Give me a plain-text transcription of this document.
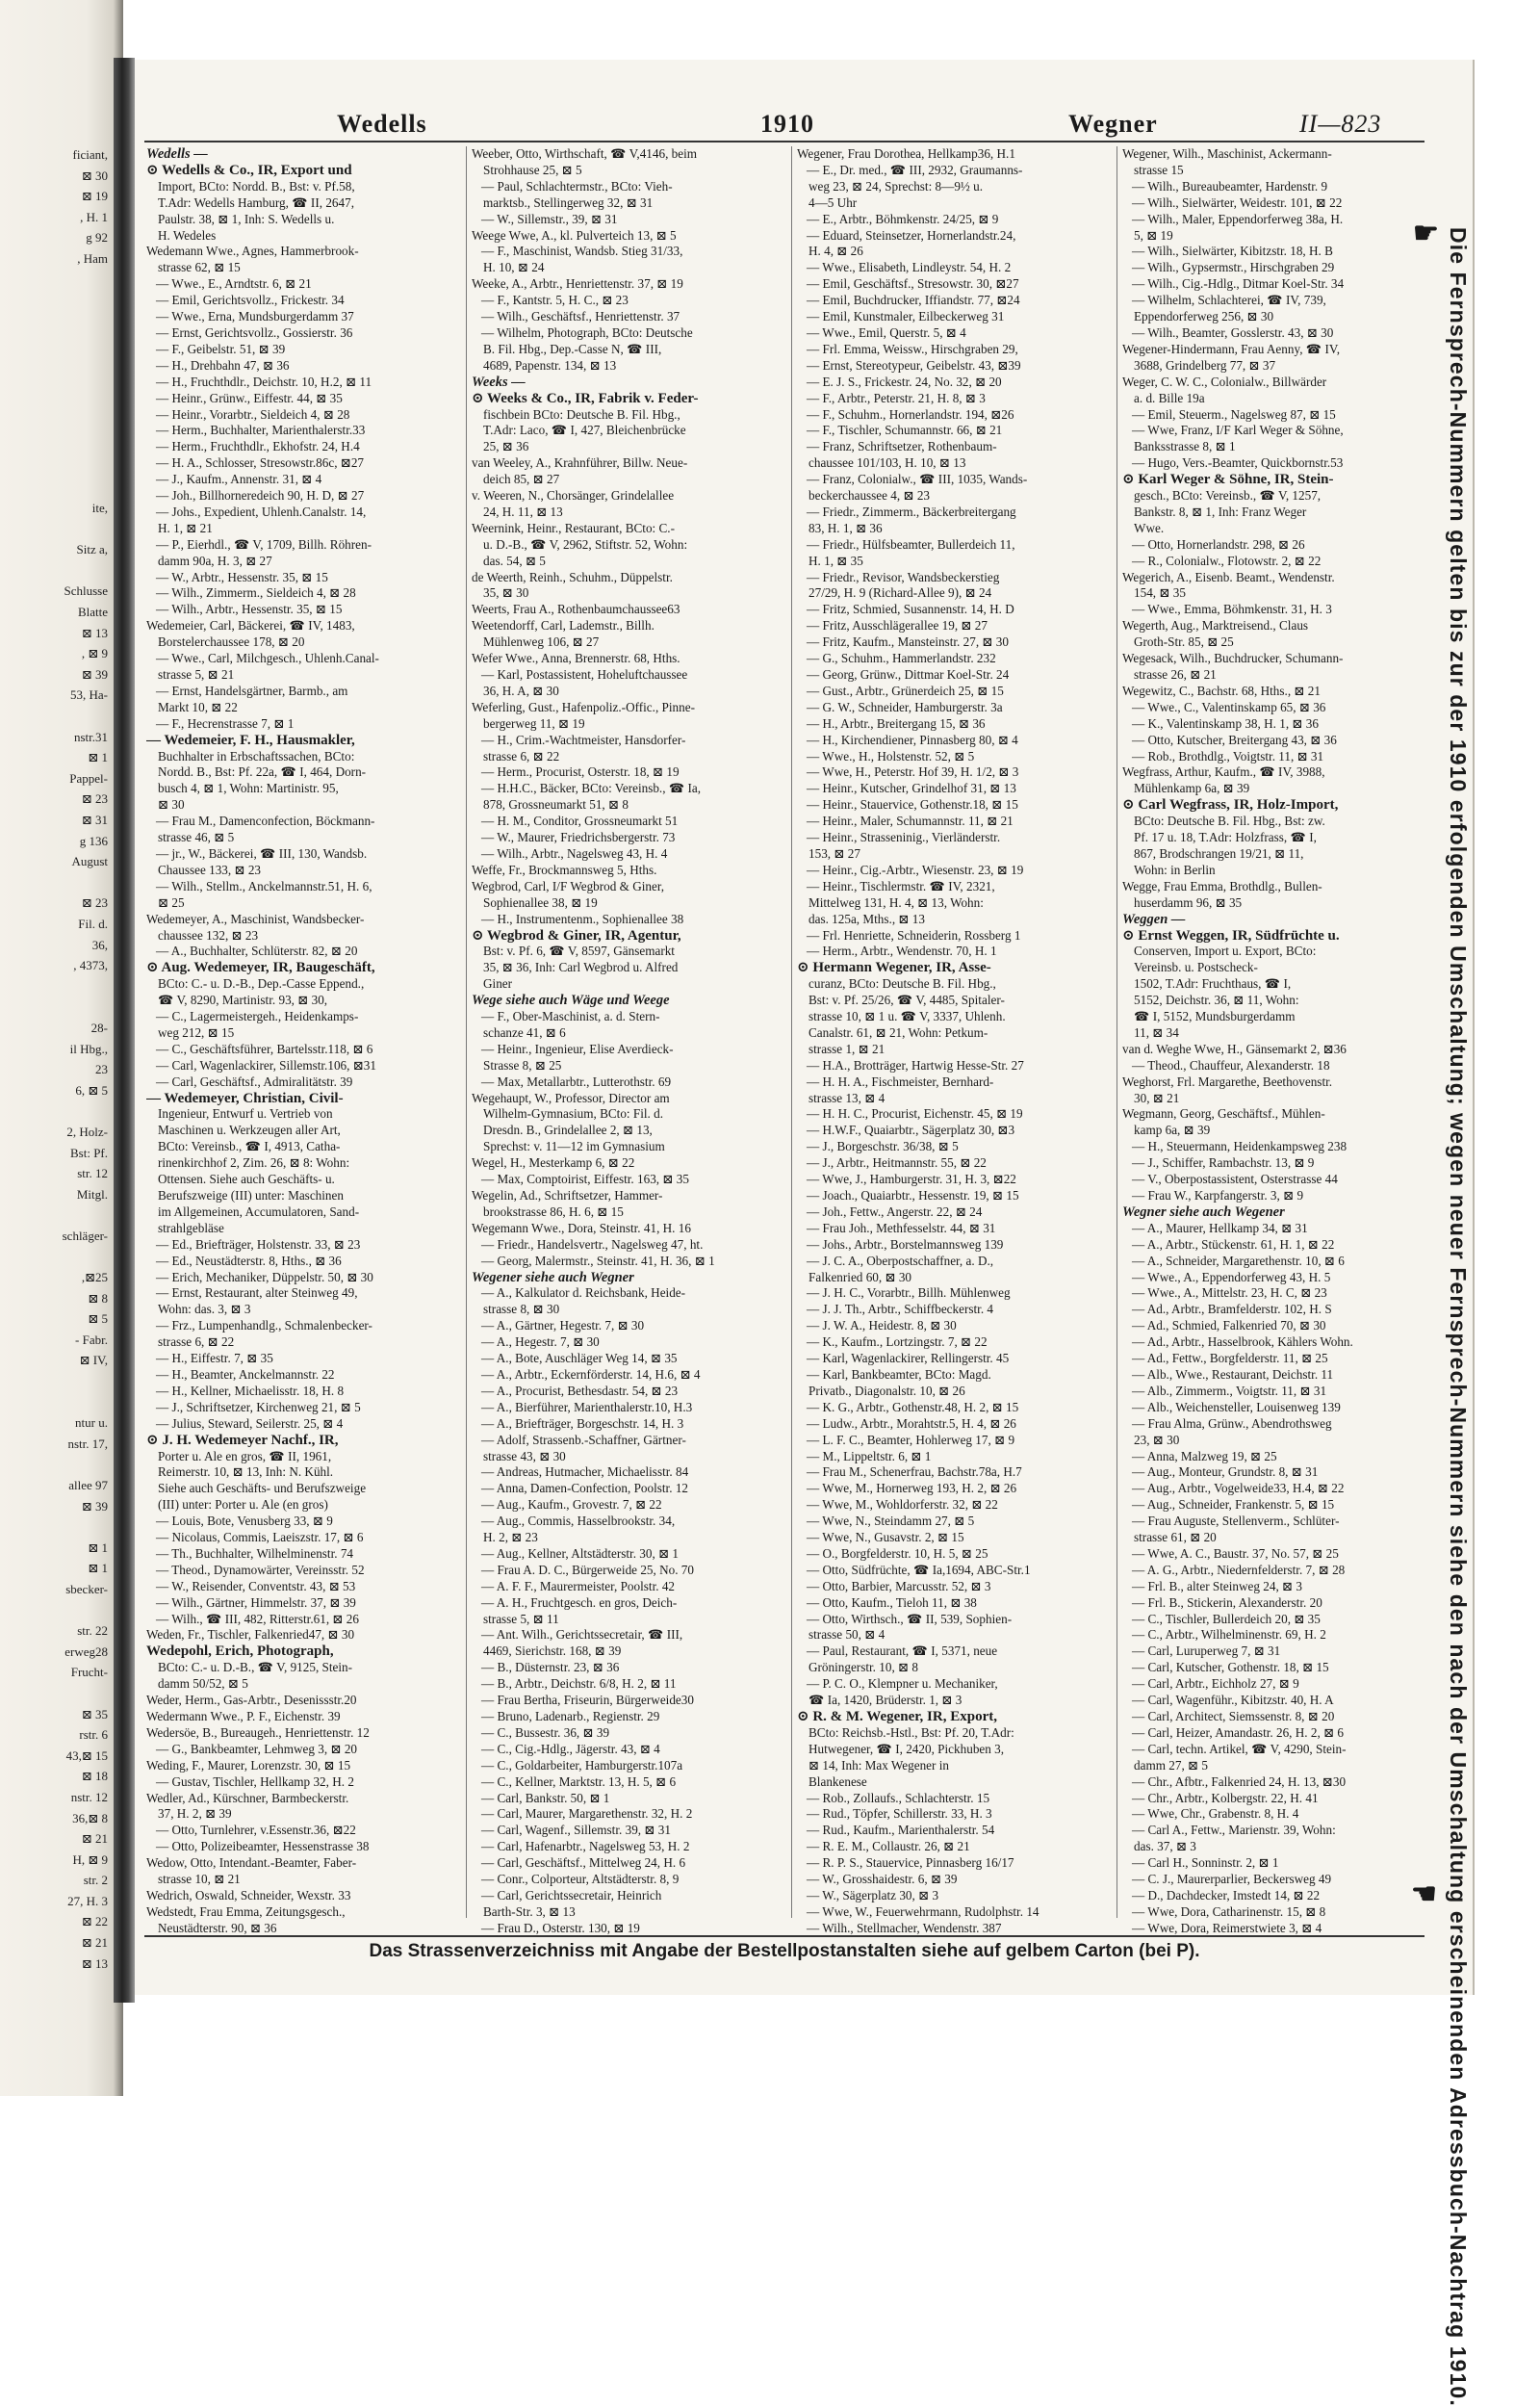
ficiant,
⊠ 30
⊠ 19
, H. 1
g 92
, Ham

ite,

Sitz a,

Schlusse
Blatte
⊠ 13
, ⊠ 9
⊠ 39
53, Ha-

nstr.31
⊠ 1
Pappel-
⊠ 23
⊠ 31
g 136
August

⊠ 23
Fil. d.
36,
, 4373,

28-
il Hbg.,
23
6, ⊠ 5

2, Holz-
Bst: Pf.
str. 12
Mitgl.

schläger-

,⊠25
⊠ 8
⊠ 5
- Fabr.
⊠ IV,

ntur u.
nstr. 17,

allee 97
⊠ 39

⊠ 1
⊠ 1
sbecker-

str. 22
erweg28
Frucht-

⊠ 35
rstr. 6
43,⊠ 15
⊠ 18
nstr. 12
36,⊠ 8
⊠ 21
H, ⊠ 9
str. 2
27, H. 3
⊠ 22
⊠ 21
⊠ 13
Wedells	1910	Wegner	II—823
Wedells —
⊙ Wedells & Co., IR, Export und
Import, BCto: Nordd. B., Bst: v. Pf.58,
T.Adr: Wedells Hamburg, ☎ II, 2647,
Paulstr. 38, ⊠ 1, Inh: S. Wedells u.
H. Wedeles
Wedemann Wwe., Agnes, Hammerbrook-
strasse 62, ⊠ 15
— Wwe., E., Arndtstr. 6, ⊠ 21
— Emil, Gerichtsvollz., Frickestr. 34
— Wwe., Erna, Mundsburgerdamm 37
— Ernst, Gerichtsvollz., Gossierstr. 36
— F., Geibelstr. 51, ⊠ 39
— H., Drehbahn 47, ⊠ 36
— H., Fruchthdlr., Deichstr. 10, H.2, ⊠ 11
— Heinr., Grünw., Eiffestr. 44, ⊠ 35
— Heinr., Vorarbtr., Sieldeich 4, ⊠ 28
— Herm., Buchhalter, Marienthalerstr.33
— Herm., Fruchthdlr., Ekhofstr. 24, H.4
— H. A., Schlosser, Stresowstr.86c, ⊠27
— J., Kaufm., Annenstr. 31, ⊠ 4
— Joh., Billhorneredeich 90, H. D, ⊠ 27
— Johs., Expedient, Uhlenh.Canalstr. 14,
H. 1, ⊠ 21
— P., Eierhdl., ☎ V, 1709, Billh. Röhren-
damm 90a, H. 3, ⊠ 27
— W., Arbtr., Hessenstr. 35, ⊠ 15
— Wilh., Zimmerm., Sieldeich 4, ⊠ 28
— Wilh., Arbtr., Hessenstr. 35, ⊠ 15
Wedemeier, Carl, Bäckerei, ☎ IV, 1483,
Borstelerchaussee 178, ⊠ 20
— Wwe., Carl, Milchgesch., Uhlenh.Canal-
strasse 5, ⊠ 21
— Ernst, Handelsgärtner, Barmb., am
Markt 10, ⊠ 22
— F., Hecrenstrasse 7, ⊠ 1
— Wedemeier, F. H., Hausmakler,
Buchhalter in Erbschaftssachen, BCto:
Nordd. B., Bst: Pf. 22a, ☎ I, 464, Dorn-
busch 4, ⊠ 1, Wohn: Martinistr. 95,
⊠ 30
— Frau M., Damenconfection, Böckmann-
strasse 46, ⊠ 5
— jr., W., Bäckerei, ☎ III, 130, Wandsb.
Chaussee 133, ⊠ 23
— Wilh., Stellm., Anckelmannstr.51, H. 6,
⊠ 25
Wedemeyer, A., Maschinist, Wandsbecker-
chaussee 132, ⊠ 23
— A., Buchhalter, Schlüterstr. 82, ⊠ 20
⊙ Aug. Wedemeyer, IR, Baugeschäft,
BCto: C.- u. D.-B., Dep.-Casse Eppend.,
☎ V, 8290, Martinistr. 93, ⊠ 30,
— C., Lagermeistergeh., Heidenkamps-
weg 212, ⊠ 15
— C., Geschäftsführer, Bartelsstr.118, ⊠ 6
— Carl, Wagenlackirer, Sillemstr.106, ⊠31
— Carl, Geschäftsf., Admiralitätstr. 39
— Wedemeyer, Christian, Civil-
Ingenieur, Entwurf u. Vertrieb von
Maschinen u. Werkzeugen aller Art,
BCto: Vereinsb., ☎ I, 4913, Catha-
rinenkirchhof 2, Zim. 26, ⊠ 8: Wohn:
Ottensen. Siehe auch Geschäfts- u.
Berufszweige (III) unter: Maschinen
im Allgemeinen, Accumulatoren, Sand-
strahlgebläse
— Ed., Briefträger, Holstenstr. 33, ⊠ 23
— Ed., Neustädterstr. 8, Hths., ⊠ 36
— Erich, Mechaniker, Düppelstr. 50, ⊠ 30
— Ernst, Restaurant, alter Steinweg 49,
Wohn: das. 3, ⊠ 3
— Frz., Lumpenhandlg., Schmalenbecker-
strasse 6, ⊠ 22
— H., Eiffestr. 7, ⊠ 35
— H., Beamter, Anckelmannstr. 22
— H., Kellner, Michaelisstr. 18, H. 8
— J., Schriftsetzer, Kirchenweg 21, ⊠ 5
— Julius, Steward, Seilerstr. 25, ⊠ 4
⊙ J. H. Wedemeyer Nachf., IR,
Porter u. Ale en gros, ☎ II, 1961,
Reimerstr. 10, ⊠ 13, Inh: N. Kühl.
Siehe auch Geschäfts- und Berufszweige
(III) unter: Porter u. Ale (en gros)
— Louis, Bote, Venusberg 33, ⊠ 9
— Nicolaus, Commis, Laeiszstr. 17, ⊠ 6
— Th., Buchhalter, Wilhelminenstr. 74
— Theod., Dynamowärter, Vereinsstr. 52
— W., Reisender, Conventstr. 43, ⊠ 53
— Wilh., Gärtner, Himmelstr. 37, ⊠ 39
— Wilh., ☎ III, 482, Ritterstr.61, ⊠ 26
Weden, Fr., Tischler, Falkenried47, ⊠ 30
Wedepohl, Erich, Photograph,
BCto: C.- u. D.-B., ☎ V, 9125, Stein-
damm 50/52, ⊠ 5
Weder, Herm., Gas-Arbtr., Desenissstr.20
Wedermann Wwe., P. F., Eichenstr. 39
Wedersöe, B., Bureaugeh., Henriettenstr. 12
— G., Bankbeamter, Lehmweg 3, ⊠ 20
Weding, F., Maurer, Lorenzstr. 30, ⊠ 15
— Gustav, Tischler, Hellkamp 32, H. 2
Wedler, Ad., Kürschner, Barmbeckerstr.
37, H. 2, ⊠ 39
— Otto, Turnlehrer, v.Essenstr.36, ⊠22
— Otto, Polizeibeamter, Hessenstrasse 38
Wedow, Otto, Intendant.-Beamter, Faber-
strasse 10, ⊠ 21
Wedrich, Oswald, Schneider, Wexstr. 33
Wedstedt, Frau Emma, Zeitungsgesch.,
Neustädterstr. 90, ⊠ 36
Weeber, Otto, Wirthschaft, ☎ V,4146, beim
Strohhause 25, ⊠ 5
— Paul, Schlachtermstr., BCto: Vieh-
marktsb., Stellingerweg 32, ⊠ 31
— W., Sillemstr., 39, ⊠ 31
Weege Wwe, A., kl. Pulverteich 13, ⊠ 5
— F., Maschinist, Wandsb. Stieg 31/33,
H. 10, ⊠ 24
Weeke, A., Arbtr., Henriettenstr. 37, ⊠ 19
— F., Kantstr. 5, H. C., ⊠ 23
— Wilh., Geschäftsf., Henriettenstr. 37
— Wilhelm, Photograph, BCto: Deutsche
B. Fil. Hbg., Dep.-Casse N, ☎ III,
4689, Papenstr. 134, ⊠ 13
Weeks —
⊙ Weeks & Co., IR, Fabrik v. Feder-
fischbein BCto: Deutsche B. Fil. Hbg.,
T.Adr: Laco, ☎ I, 427, Bleichenbrücke
25, ⊠ 36
van Weeley, A., Krahnführer, Billw. Neue-
deich 85, ⊠ 27
v. Weeren, N., Chorsänger, Grindelallee
24, H. 11, ⊠ 13
Weernink, Heinr., Restaurant, BCto: C.-
u. D.-B., ☎ V, 2962, Stiftstr. 52, Wohn:
das. 54, ⊠ 5
de Weerth, Reinh., Schuhm., Düppelstr.
35, ⊠ 30
Weerts, Frau A., Rothenbaumchaussee63
Weetendorff, Carl, Lademstr., Billh.
Mühlenweg 106, ⊠ 27
Wefer Wwe., Anna, Brennerstr. 68, Hths.
— Karl, Postassistent, Hoheluftchaussee
36, H. A, ⊠ 30
Weferling, Gust., Hafenpoliz.-Offic., Pinne-
bergerweg 11, ⊠ 19
— H., Crim.-Wachtmeister, Hansdorfer-
strasse 6, ⊠ 22
— Herm., Procurist, Osterstr. 18, ⊠ 19
— H.H.C., Bäcker, BCto: Vereinsb., ☎ Ia,
878, Grossneumarkt 51, ⊠ 8
— H. M., Conditor, Grossneumarkt 51
— W., Maurer, Friedrichsbergerstr. 73
— Wilh., Arbtr., Nagelsweg 43, H. 4
Weffe, Fr., Brockmannsweg 5, Hths.
Wegbrod, Carl, I/F Wegbrod & Giner,
Sophienallee 38, ⊠ 19
— H., Instrumentenm., Sophienallee 38
⊙ Wegbrod & Giner, IR, Agentur,
Bst: v. Pf. 6, ☎ V, 8597, Gänsemarkt
35, ⊠ 36, Inh: Carl Wegbrod u. Alfred
Giner
Wege siehe auch Wäge und Weege
— F., Ober-Maschinist, a. d. Stern-
schanze 41, ⊠ 6
— Heinr., Ingenieur, Elise Averdieck-
Strasse 8, ⊠ 25
— Max, Metallarbtr., Lutterothstr. 69
Wegehaupt, W., Professor, Director am
Wilhelm-Gymnasium, BCto: Fil. d.
Dresdn. B., Grindelallee 2, ⊠ 13,
Sprechst: v. 11—12 im Gymnasium
Wegel, H., Mesterkamp 6, ⊠ 22
— Max, Comptoirist, Eiffestr. 163, ⊠ 35
Wegelin, Ad., Schriftsetzer, Hammer-
brookstrasse 86, H. 6, ⊠ 15
Wegemann Wwe., Dora, Steinstr. 41, H. 16
— Friedr., Handelsvertr., Nagelsweg 47, ht.
— Georg, Malermstr., Steinstr. 41, H. 36, ⊠ 1
Wegener siehe auch Wegner
— A., Kalkulator d. Reichsbank, Heide-
strasse 8, ⊠ 30
— A., Gärtner, Hegestr. 7, ⊠ 30
— A., Hegestr. 7, ⊠ 30
— A., Bote, Auschläger Weg 14, ⊠ 35
— A., Arbtr., Eckernförderstr. 14, H.6, ⊠ 4
— A., Procurist, Bethesdastr. 54, ⊠ 23
— A., Bierführer, Marienthalerstr.10, H.3
— A., Briefträger, Borgeschstr. 14, H. 3
— Adolf, Strassenb.-Schaffner, Gärtner-
strasse 43, ⊠ 30
— Andreas, Hutmacher, Michaelisstr. 84
— Anna, Damen-Confection, Poolstr. 12
— Aug., Kaufm., Grovestr. 7, ⊠ 22
— Aug., Commis, Hasselbrookstr. 34,
H. 2, ⊠ 23
— Aug., Kellner, Altstädterstr. 30, ⊠ 1
— Frau A. D. C., Bürgerweide 25, No. 70
— A. F. F., Maurermeister, Poolstr. 42
— A. H., Fruchtgesch. en gros, Deich-
strasse 5, ⊠ 11
— Ant. Wilh., Gerichtssecretair, ☎ III,
4469, Sierichstr. 168, ⊠ 39
— B., Düsternstr. 23, ⊠ 36
— B., Arbtr., Deichstr. 6/8, H. 2, ⊠ 11
— Frau Bertha, Friseurin, Bürgerweide30
— Bruno, Ladenarb., Regienstr. 29
— C., Bussestr. 36, ⊠ 39
— C., Cig.-Hdlg., Jägerstr. 43, ⊠ 4
— C., Goldarbeiter, Hamburgerstr.107a
— C., Kellner, Marktstr. 13, H. 5, ⊠ 6
— Carl, Bankstr. 50, ⊠ 1
— Carl, Maurer, Margarethenstr. 32, H. 2
— Carl, Wagenf., Sillemstr. 39, ⊠ 31
— Carl, Hafenarbtr., Nagelsweg 53, H. 2
— Carl, Geschäftsf., Mittelweg 24, H. 6
— Conr., Colporteur, Altstädterstr. 8, 9
— Carl, Gerichtssecretair, Heinrich
Barth-Str. 3, ⊠ 13
— Frau D., Osterstr. 130, ⊠ 19
Wegener, Frau Dorothea, Hellkamp36, H.1
— E., Dr. med., ☎ III, 2932, Graumanns-
weg 23, ⊠ 24, Sprechst: 8—9½ u.
4—5 Uhr
— E., Arbtr., Böhmkenstr. 24/25, ⊠ 9
— Eduard, Steinsetzer, Hornerlandstr.24,
H. 4, ⊠ 26
— Wwe., Elisabeth, Lindleystr. 54, H. 2
— Emil, Geschäftsf., Stresowstr. 30, ⊠27
— Emil, Buchdrucker, Iffiandstr. 77, ⊠24
— Emil, Kunstmaler, Eilbeckerweg 31
— Wwe., Emil, Querstr. 5, ⊠ 4
— Frl. Emma, Weissw., Hirschgraben 29,
— Ernst, Stereotypeur, Geibelstr. 43, ⊠39
— E. J. S., Frickestr. 24, No. 32, ⊠ 20
— F., Arbtr., Peterstr. 21, H. 8, ⊠ 3
— F., Schuhm., Hornerlandstr. 194, ⊠26
— F., Tischler, Schumannstr. 66, ⊠ 21
— Franz, Schriftsetzer, Rothenbaum-
chaussee 101/103, H. 10, ⊠ 13
— Franz, Colonialw., ☎ III, 1035, Wands-
beckerchaussee 4, ⊠ 23
— Friedr., Zimmerm., Bäckerbreitergang
83, H. 1, ⊠ 36
— Friedr., Hülfsbeamter, Bullerdeich 11,
H. 1, ⊠ 35
— Friedr., Revisor, Wandsbeckerstieg
27/29, H. 9 (Richard-Allee 9), ⊠ 24
— Fritz, Schmied, Susannenstr. 14, H. D
— Fritz, Ausschlägerallee 19, ⊠ 27
— Fritz, Kaufm., Mansteinstr. 27, ⊠ 30
— G., Schuhm., Hammerlandstr. 232
— Georg, Grünw., Dittmar Koel-Str. 24
— Gust., Arbtr., Grünerdeich 25, ⊠ 15
— G. W., Schneider, Hamburgerstr. 3a
— H., Arbtr., Breitergang 15, ⊠ 36
— H., Kirchendiener, Pinnasberg 80, ⊠ 4
— Wwe., H., Holstenstr. 52, ⊠ 5
— Wwe, H., Peterstr. Hof 39, H. 1/2, ⊠ 3
— Heinr., Kutscher, Grindelhof 31, ⊠ 13
— Heinr., Stauervice, Gothenstr.18, ⊠ 15
— Heinr., Maler, Schumannstr. 11, ⊠ 21
— Heinr., Strasseninig., Vierländerstr.
153, ⊠ 27
— Heinr., Cig.-Arbtr., Wiesenstr. 23, ⊠ 19
— Heinr., Tischlermstr. ☎ IV, 2321,
Mittelweg 131, H. 4, ⊠ 13, Wohn:
das. 125a, Mths., ⊠ 13
— Frl. Henriette, Schneiderin, Rossberg 1
— Herm., Arbtr., Wendenstr. 70, H. 1
⊙ Hermann Wegener, IR, Asse-
curanz, BCto: Deutsche B. Fil. Hbg.,
Bst: v. Pf. 25/26, ☎ V, 4485, Spitaler-
strasse 10, ⊠ 1 u. ☎ V, 3337, Uhlenh.
Canalstr. 61, ⊠ 21, Wohn: Petkum-
strasse 1, ⊠ 21
— H.A., Brotträger, Hartwig Hesse-Str. 27
— H. H. A., Fischmeister, Bernhard-
strasse 13, ⊠ 4
— H. H. C., Procurist, Eichenstr. 45, ⊠ 19
— H.W.F., Quaiarbtr., Sägerplatz 30, ⊠3
— J., Borgeschstr. 36/38, ⊠ 5
— J., Arbtr., Heitmannstr. 55, ⊠ 22
— Wwe, J., Hamburgerstr. 31, H. 3, ⊠22
— Joach., Quaiarbtr., Hessenstr. 19, ⊠ 15
— Joh., Fettw., Angerstr. 22, ⊠ 24
— Frau Joh., Methfesselstr. 44, ⊠ 31
— Johs., Arbtr., Borstelmannsweg 139
— J. C. A., Oberpostschaffner, a. D.,
Falkenried 60, ⊠ 30
— J. H. C., Vorarbtr., Billh. Mühlenweg
— J. J. Th., Arbtr., Schiffbeckerstr. 4
— J. W. A., Heidestr. 8, ⊠ 30
— K., Kaufm., Lortzingstr. 7, ⊠ 22
— Karl, Wagenlackirer, Rellingerstr. 45
— Karl, Bankbeamter, BCto: Magd.
Privatb., Diagonalstr. 10, ⊠ 26
— K. G., Arbtr., Gothenstr.48, H. 2, ⊠ 15
— Ludw., Arbtr., Morahtstr.5, H. 4, ⊠ 26
— L. F. C., Beamter, Hohlerweg 17, ⊠ 9
— M., Lippeltstr. 6, ⊠ 1
— Frau M., Schenerfrau, Bachstr.78a, H.7
— Wwe, M., Hornerweg 193, H. 2, ⊠ 26
— Wwe, M., Wohldorferstr. 32, ⊠ 22
— Wwe, N., Steindamm 27, ⊠ 5
— Wwe, N., Gusavstr. 2, ⊠ 15
— O., Borgfelderstr. 10, H. 5, ⊠ 25
— Otto, Südfrüchte, ☎ Ia,1694, ABC-Str.1
— Otto, Barbier, Marcusstr. 52, ⊠ 3
— Otto, Kaufm., Tieloh 11, ⊠ 38
— Otto, Wirthsch., ☎ II, 539, Sophien-
strasse 50, ⊠ 4
— Paul, Restaurant, ☎ I, 5371, neue
Gröningerstr. 10, ⊠ 8
— P. C. O., Klempner u. Mechaniker,
☎ Ia, 1420, Brüderstr. 1, ⊠ 3
⊙ R. & M. Wegener, IR, Export,
BCto: Reichsb.-Hstl., Bst: Pf. 20, T.Adr:
Hutwegener, ☎ I, 2420, Pickhuben 3,
⊠ 14, Inh: Max Wegener in
Blankenese
— Rob., Zollaufs., Schlachterstr. 15
— Rud., Töpfer, Schillerstr. 33, H. 3
— Rud., Kaufm., Marienthalerstr. 54
— R. E. M., Collaustr. 26, ⊠ 21
— R. P. S., Stauervice, Pinnasberg 16/17
— W., Grosshaidestr. 6, ⊠ 39
— W., Sägerplatz 30, ⊠ 3
— Wwe, W., Feuerwehrmann, Rudolphstr. 14
— Wilh., Stellmacher, Wendenstr. 387
Wegener, Wilh., Maschinist, Ackermann-
strasse 15
— Wilh., Bureaubeamter, Hardenstr. 9
— Wilh., Sielwärter, Weidestr. 101, ⊠ 22
— Wilh., Maler, Eppendorferweg 38a, H.
5, ⊠ 19
— Wilh., Sielwärter, Kibitzstr. 18, H. B
— Wilh., Gypsermstr., Hirschgraben 29
— Wilh., Cig.-Hdlg., Ditmar Koel-Str. 34
— Wilhelm, Schlachterei, ☎ IV, 739,
Eppendorferweg 256, ⊠ 30
— Wilh., Beamter, Gosslerstr. 43, ⊠ 30
Wegener-Hindermann, Frau Aenny, ☎ IV,
3688, Grindelberg 77, ⊠ 37
Weger, C. W. C., Colonialw., Billwärder
a. d. Bille 19a
— Emil, Steuerm., Nagelsweg 87, ⊠ 15
— Wwe, Franz, I/F Karl Weger & Söhne,
Banksstrasse 8, ⊠ 1
— Hugo, Vers.-Beamter, Quickbornstr.53
⊙ Karl Weger & Söhne, IR, Stein-
gesch., BCto: Vereinsb., ☎ V, 1257,
Bankstr. 8, ⊠ 1, Inh: Franz Weger
Wwe.
— Otto, Hornerlandstr. 298, ⊠ 26
— R., Colonialw., Flotowstr. 2, ⊠ 22
Wegerich, A., Eisenb. Beamt., Wendenstr.
154, ⊠ 35
— Wwe., Emma, Böhmkenstr. 31, H. 3
Wegerth, Aug., Marktreisend., Claus
Groth-Str. 85, ⊠ 25
Wegesack, Wilh., Buchdrucker, Schumann-
strasse 26, ⊠ 21
Wegewitz, C., Bachstr. 68, Hths., ⊠ 21
— Wwe., C., Valentinskamp 65, ⊠ 36
— K., Valentinskamp 38, H. 1, ⊠ 36
— Otto, Kutscher, Breitergang 43, ⊠ 36
— Rob., Brothdlg., Voigtstr. 11, ⊠ 31
Wegfrass, Arthur, Kaufm., ☎ IV, 3988,
Mühlenkamp 6a, ⊠ 39
⊙ Carl Wegfrass, IR, Holz-Import,
BCto: Deutsche B. Fil. Hbg., Bst: zw.
Pf. 17 u. 18, T.Adr: Holzfrass, ☎ I,
867, Brodschrangen 19/21, ⊠ 11,
Wohn: in Berlin
Wegge, Frau Emma, Brothdlg., Bullen-
huserdamm 96, ⊠ 35
Weggen —
⊙ Ernst Weggen, IR, Südfrüchte u.
Conserven, Import u. Export, BCto:
Vereinsb. u. Postscheck-
1502, T.Adr: Fruchthaus, ☎ I,
5152, Deichstr. 36, ⊠ 11, Wohn:
☎ I, 5152, Mundsburgerdamm
11, ⊠ 34
van d. Weghe Wwe, H., Gänsemarkt 2, ⊠36
— Theod., Chauffeur, Alexanderstr. 18
Weghorst, Frl. Margarethe, Beethovenstr.
30, ⊠ 21
Wegmann, Georg, Geschäftsf., Mühlen-
kamp 6a, ⊠ 39
— H., Steuermann, Heidenkampsweg 238
— J., Schiffer, Rambachstr. 13, ⊠ 9
— V., Oberpostassistent, Osterstrasse 44
— Frau W., Karpfangerstr. 3, ⊠ 9
Wegner siehe auch Wegener
— A., Maurer, Hellkamp 34, ⊠ 31
— A., Arbtr., Stückenstr. 61, H. 1, ⊠ 22
— A., Schneider, Margarethenstr. 10, ⊠ 6
— Wwe., A., Eppendorferweg 43, H. 5
— Wwe., A., Mittelstr. 23, H. C, ⊠ 23
— Ad., Arbtr., Bramfelderstr. 102, H. S
— Ad., Schmied, Falkenried 70, ⊠ 30
— Ad., Arbtr., Hasselbrook, Kählers Wohn.
— Ad., Fettw., Borgfelderstr. 11, ⊠ 25
— Alb., Wwe., Restaurant, Deichstr. 11
— Alb., Zimmerm., Voigtstr. 11, ⊠ 31
— Alb., Weichensteller, Louisenweg 139
— Frau Alma, Grünw., Abendrothsweg
23, ⊠ 30
— Anna, Malzweg 19, ⊠ 25
— Aug., Monteur, Grundstr. 8, ⊠ 31
— Aug., Arbtr., Vogelweide33, H.4, ⊠ 22
— Aug., Schneider, Frankenstr. 5, ⊠ 15
— Frau Auguste, Stellenverm., Schlüter-
strasse 61, ⊠ 20
— Wwe, A. C., Baustr. 37, No. 57, ⊠ 25
— A. G., Arbtr., Niedernfelderstr. 7, ⊠ 28
— Frl. B., alter Steinweg 24, ⊠ 3
— Frl. B., Stickerin, Alexanderstr. 20
— C., Tischler, Bullerdeich 20, ⊠ 35
— C., Arbtr., Wilhelminenstr. 69, H. 2
— Carl, Luruperweg 7, ⊠ 31
— Carl, Kutscher, Gothenstr. 18, ⊠ 15
— Carl, Arbtr., Eichholz 27, ⊠ 9
— Carl, Wagenführ., Kibitzstr. 40, H. A
— Carl, Architect, Siemssenstr. 8, ⊠ 20
— Carl, Heizer, Amandastr. 26, H. 2, ⊠ 6
— Carl, techn. Artikel, ☎ V, 4290, Stein-
damm 27, ⊠ 5
— Chr., Afbtr., Falkenried 24, H. 13, ⊠30
— Chr., Arbtr., Kolbergstr. 22, H. 41
— Wwe, Chr., Grabenstr. 8, H. 4
— Carl A., Fettw., Marienstr. 39, Wohn:
das. 37, ⊠ 3
— Carl H., Sonninstr. 2, ⊠ 1
— C. J., Maurerparlier, Beckersweg 49
— D., Dachdecker, Imstedt 14, ⊠ 22
— Wwe, Dora, Catharinenstr. 15, ⊠ 8
— Wwe, Dora, Reimerstwiete 3, ⊠ 4
☛ Die Fernsprech-Nummern gelten bis zur der 1910 erfolgenden Umschaltung; wegen neuer Fernsprech-Nummern siehe den nach der Umschaltung erscheinenden Adressbuch-Nachtrag 1910.
☚
Das Strassenverzeichniss mit Angabe der Bestellpostanstalten siehe auf gelbem Carton (bei P).
